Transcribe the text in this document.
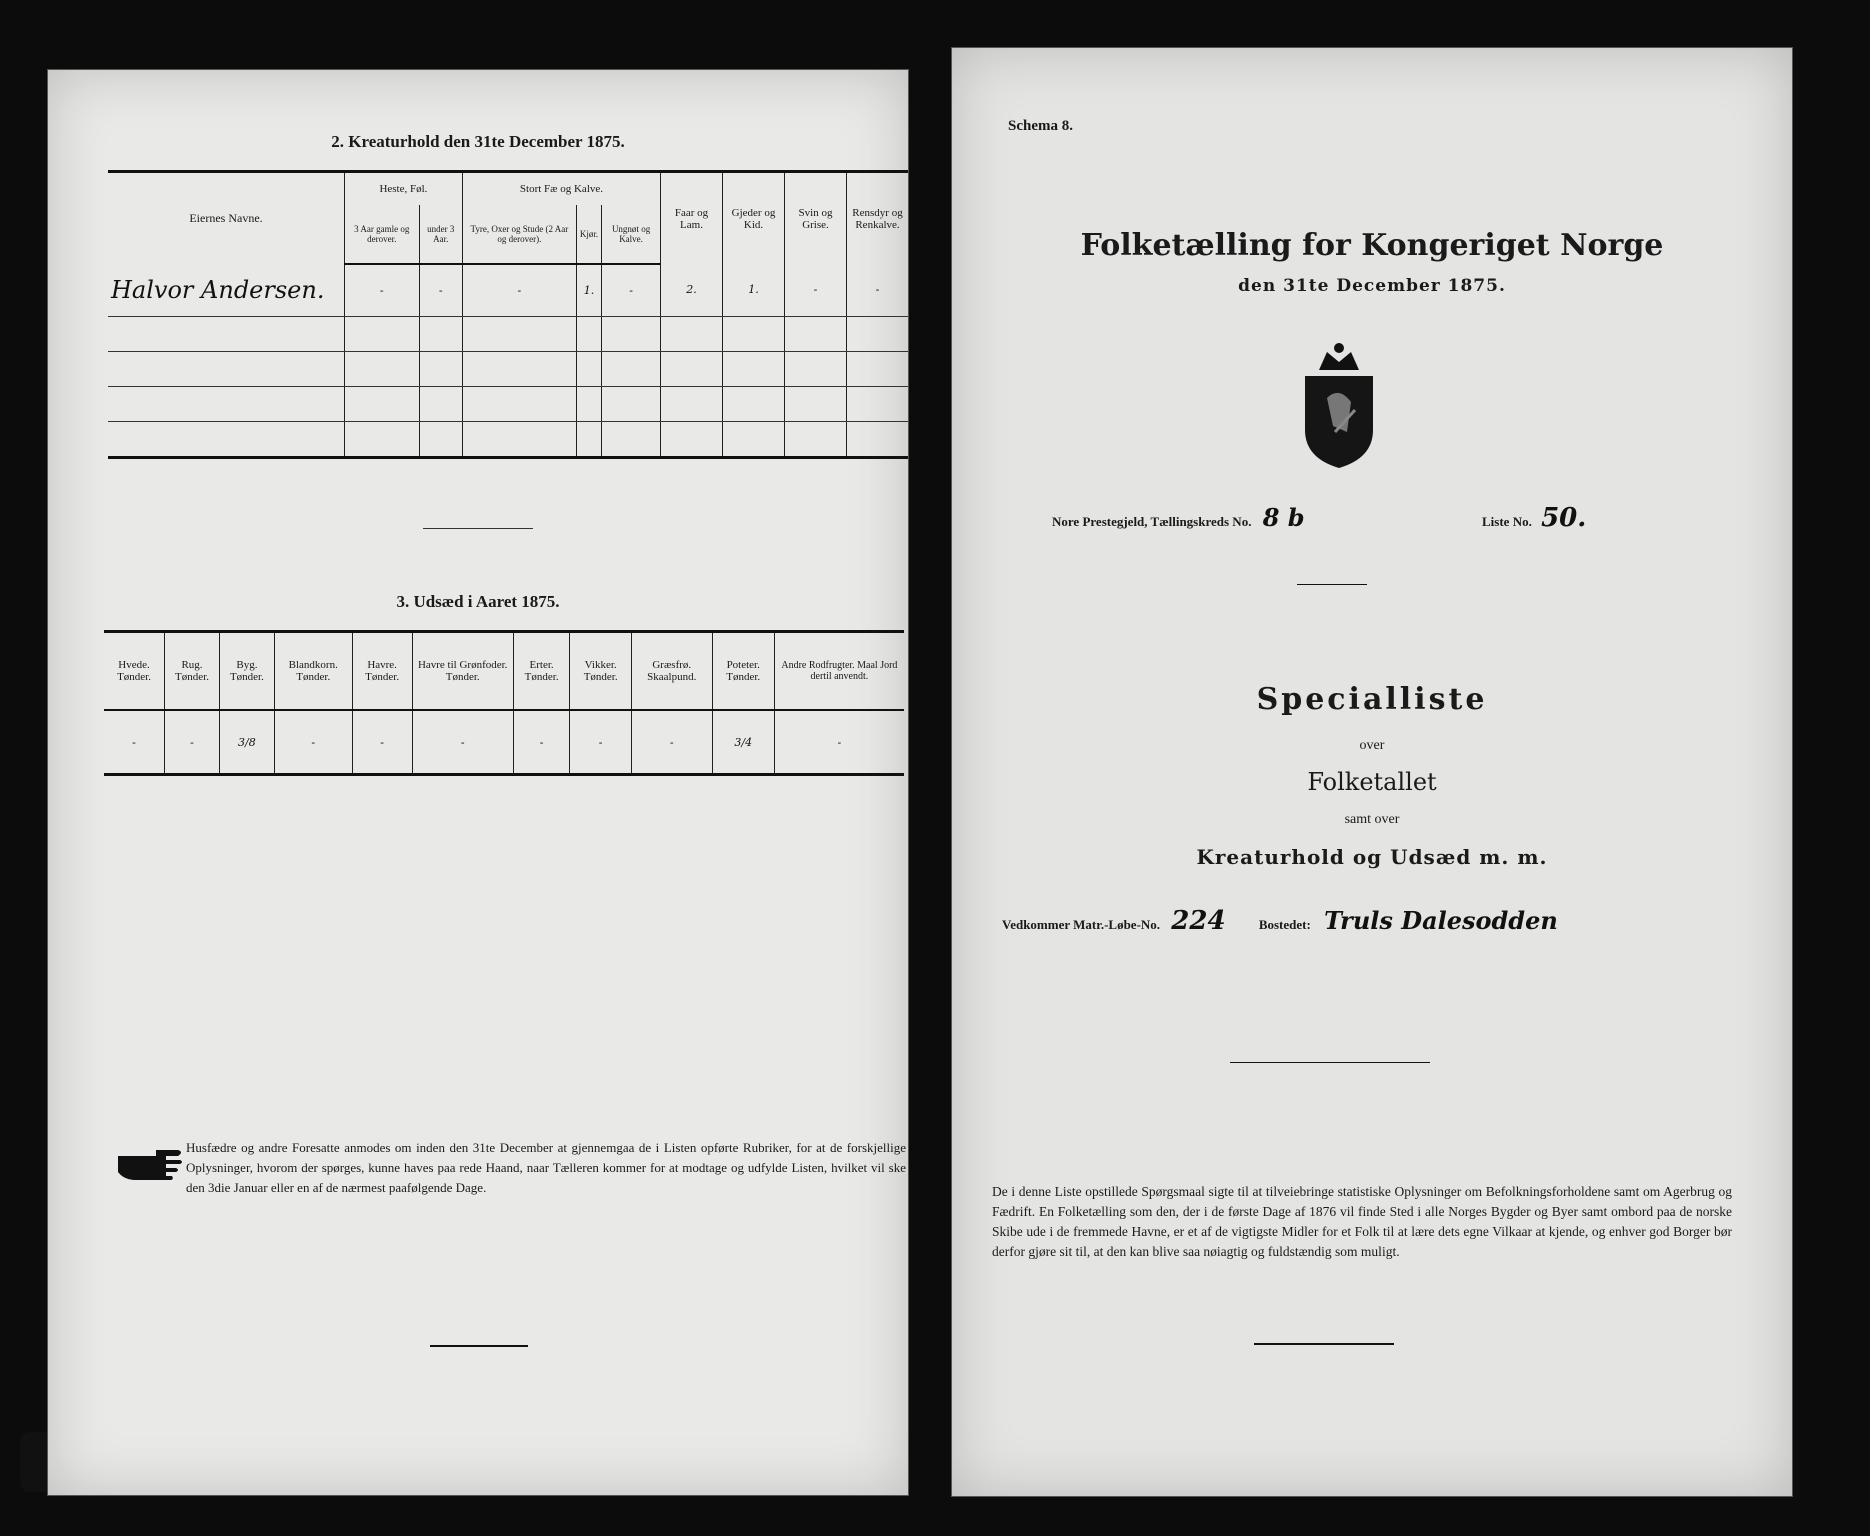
2. Kreaturhold den 31te December 1875.
Eiernes Navne.	Heste, Føl.		Stort Fæ og Kalve.			Faar og Lam.	Gjeder og Kid.	Svin og Grise.	Rensdyr og Renkalve.
	3 Aar gamle og derover.	under 3 Aar.	Tyre, Oxer og Stude (2 Aar og derover).	Kjør.	Ungnøt og Kalve.				
Halvor Andersen.	-	-	-	1.	-	2.	1.	-	-

3. Udsæd i Aaret 1875.
Hvede. Tønder.	Rug. Tønder.	Byg. Tønder.	Blandkorn. Tønder.	Havre. Tønder.	Havre til Grønfoder. Tønder.	Erter. Tønder.	Vikker. Tønder.	Græsfrø. Skaalpund.	Poteter. Tønder.	Andre Rodfrugter. Maal Jord dertil anvendt.
-	-	3/8	-	-	-	-	-	-	3/4	-
Husfædre og andre Foresatte anmodes om inden den 31te December at gjennemgaa de i Listen opførte Rubriker, for at de forskjellige Oplysninger, hvorom der spørges, kunne haves paa rede Haand, naar Tælleren kommer for at modtage og udfylde Listen, hvilket vil ske den 3die Januar eller en af de nærmest paafølgende Dage.
Schema 8.
Folketælling for Kongeriget Norge
den 31te December 1875.
Nore Prestegjeld, Tællingskreds No. 8 b	Liste No. 50.
Specialliste
over
Folketallet
samt over
Kreaturhold og Udsæd m. m.
Vedkommer Matr.-Løbe-No. 224	Bostedet: Truls Dalesodden
De i denne Liste opstillede Spørgsmaal sigte til at tilveiebringe statistiske Oplysninger om Befolkningsforholdene samt om Agerbrug og Fædrift. En Folketælling som den, der i de første Dage af 1876 vil finde Sted i alle Norges Bygder og Byer samt ombord paa de norske Skibe ude i de fremmede Havne, er et af de vigtigste Midler for et Folk til at lære dets egne Vilkaar at kjende, og enhver god Borger bør derfor gjøre sit til, at den kan blive saa nøiagtig og fuldstændig som muligt.
